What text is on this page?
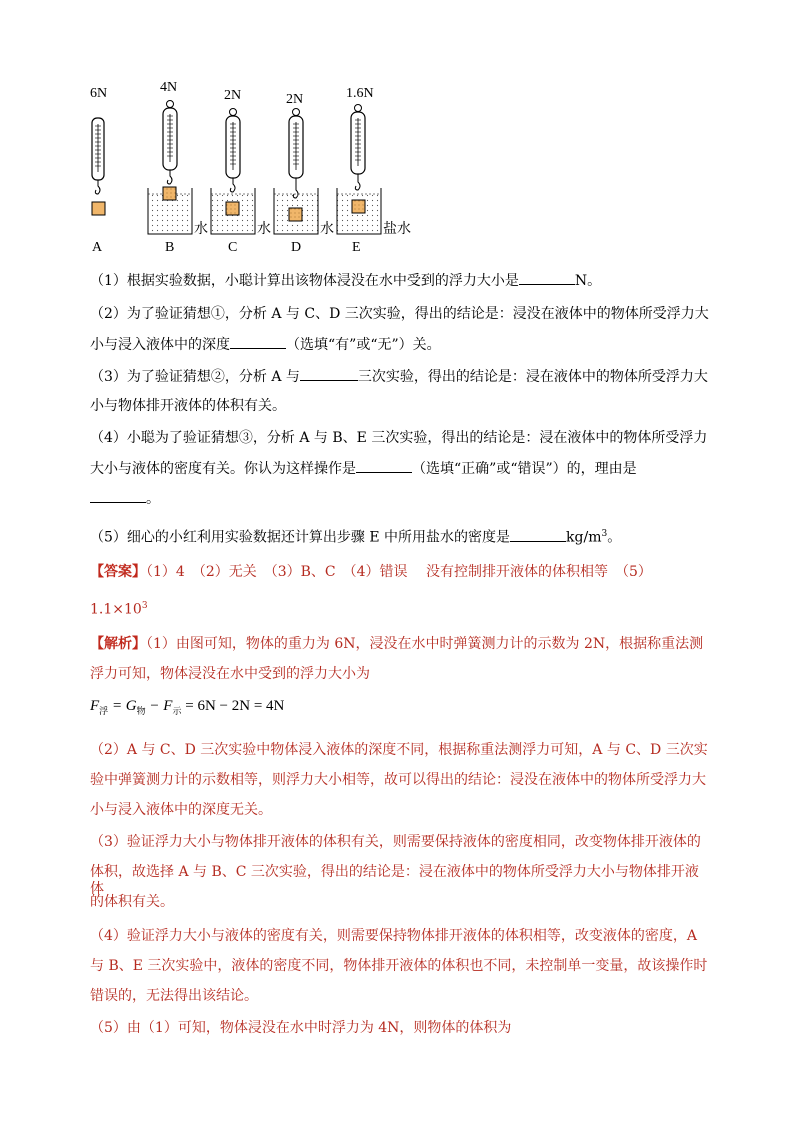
6N	4N
2N	2N	1.6N
A	B	C	D	E
水	水	水	盐水
（1）根据实验数据，小聪计算出该物体浸没在水中受到的浮力大小是	N。
（2）为了验证猜想①，分析 A 与 C、D 三次实验，得出的结论是：浸没在液体中的物体所受浮力大
小与浸入液体中的深度	（选填“有”或“无”）关。
（3）为了验证猜想②，分析 A 与	三次实验，得出的结论是：浸在液体中的物体所受浮力大
小与物体排开液体的体积有关。
（4）小聪为了验证猜想③，分析 A 与 B、E 三次实验，得出的结论是：浸在液体中的物体所受浮力
大小与液体的密度有关。你认为这样操作是	（选填“正确”或“错误”）的，理由是
。
（5）细心的小红利用实验数据还计算出步骤 E 中所用盐水的密度是	$kg/m^3$。
【答案】（1）4　（2）无关　（3）B、C　（4）错误　 没有控制排开液体的体积相等　（5）
$1.1\times 10^3$
【解析】（1）由图可知，物体的重力为 6N，浸没在水中时弹簧测力计的示数为 2N，根据称重法测
浮力可知，物体浸没在水中受到的浮力大小为
$F_浮 = G_物 - F_示 = 6N - 2N = 4N$
（2）A 与 C、D 三次实验中物体浸入液体的深度不同，根据称重法测浮力可知，A 与 C、D 三次实
验中弹簧测力计的示数相等，则浮力大小相等，故可以得出的结论：浸没在液体中的物体所受浮力大
小与浸入液体中的深度无关。
（3）验证浮力大小与物体排开液体的体积有关，则需要保持液体的密度相同，改变物体排开液体的
体积，故选择 A 与 B、C 三次实验，得出的结论是：浸在液体中的物体所受浮力大小与物体排开液体
的体积有关。
（4）验证浮力大小与液体的密度有关，则需要保持物体排开液体的体积相等，改变液体的密度，A
与 B、E 三次实验中，液体的密度不同，物体排开液体的体积也不同，未控制单一变量，故该操作时
错误的，无法得出该结论。
（5）由（1）可知，物体浸没在水中时浮力为 4N，则物体的体积为
